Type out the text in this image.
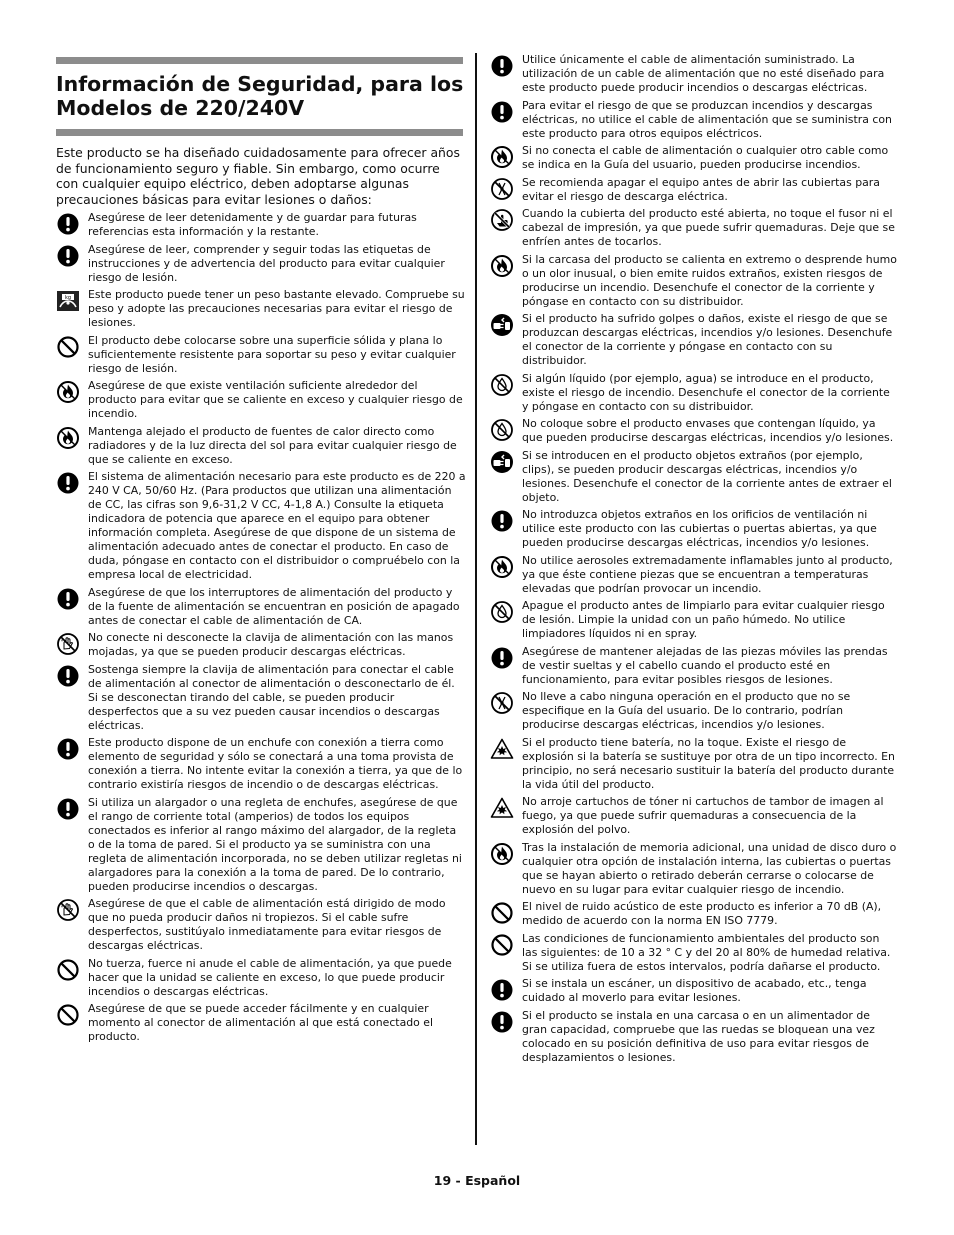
Información de Seguridad, para los Modelos de 220/240V

Este producto se ha diseñado cuidadosamente para ofrecer años de funcionamiento seguro y fiable. Sin embargo, como ocurre con cualquier equipo eléctrico, deben adoptarse algunas precauciones básicas para evitar lesiones o daños:

Asegúrese de leer detenidamente y de guardar para futuras referencias esta información y la restante.

Asegúrese de leer, comprender y seguir todas las etiquetas de instrucciones y de advertencia del producto para evitar cualquier riesgo de lesión.

kg Este producto puede tener un peso bastante elevado. Compruebe su peso y adopte las precauciones necesarias para evitar el riesgo de lesiones.

El producto debe colocarse sobre una superficie sólida y plana lo suficientemente resistente para soportar su peso y evitar cualquier riesgo de lesión.

Asegúrese de que existe ventilación suficiente alrededor del producto para evitar que se caliente en exceso y cualquier riesgo de incendio.

Mantenga alejado el producto de fuentes de calor directo como radiadores y de la luz directa del sol para evitar cualquier riesgo de que se caliente en exceso.

El sistema de alimentación necesario para este producto es de 220 a 240 V CA, 50/60 Hz. (Para productos que utilizan una alimentación de CC, las cifras son 9,6-31,2 V CC, 4-1,8 A.) Consulte la etiqueta indicadora de potencia que aparece en el equipo para obtener información completa. Asegúrese de que dispone de un sistema de alimentación adecuado antes de conectar el producto. En caso de duda, póngase en contacto con el distribuidor o compruébelo con la empresa local de electricidad.

Asegúrese de que los interruptores de alimentación del producto y de la fuente de alimentación se encuentran en posición de apagado antes de conectar el cable de alimentación de CA.

No conecte ni desconecte la clavija de alimentación con las manos mojadas, ya que se pueden producir descargas eléctricas.

Sostenga siempre la clavija de alimentación para conectar el cable de alimentación al conector de alimentación o desconectarlo de él. Si se desconectan tirando del cable, se pueden producir desperfectos que a su vez pueden causar incendios o descargas eléctricas.

Este producto dispone de un enchufe con conexión a tierra como elemento de seguridad y sólo se conectará a una toma provista de conexión a tierra. No intente evitar la conexión a tierra, ya que de lo contrario existiría riesgos de incendio o de descargas eléctricas.

Si utiliza un alargador o una regleta de enchufes, asegúrese de que el rango de corriente total (amperios) de todos los equipos conectados es inferior al rango máximo del alargador, de la regleta o de la toma de pared. Si el producto ya se suministra con una regleta de alimentación incorporada, no se deben utilizar regletas ni alargadores para la conexión a la toma de pared. De lo contrario, pueden producirse incendios o descargas.

Asegúrese de que el cable de alimentación está dirigido de modo que no pueda producir daños ni tropiezos. Si el cable sufre desperfectos, sustitúyalo inmediatamente para evitar riesgos de descargas eléctricas.

No tuerza, fuerce ni anude el cable de alimentación, ya que puede hacer que la unidad se caliente en exceso, lo que puede producir incendios o descargas eléctricas.

Asegúrese de que se puede acceder fácilmente y en cualquier momento al conector de alimentación al que está conectado el producto.

Utilice únicamente el cable de alimentación suministrado. La utilización de un cable de alimentación que no esté diseñado para este producto puede producir incendios o descargas eléctricas.

Para evitar el riesgo de que se produzcan incendios y descargas eléctricas, no utilice el cable de alimentación que se suministra con este producto para otros equipos eléctricos.

Si no conecta el cable de alimentación o cualquier otro cable como se indica en la Guía del usuario, pueden producirse incendios.

Se recomienda apagar el equipo antes de abrir las cubiertas para evitar el riesgo de descarga eléctrica.

Cuando la cubierta del producto esté abierta, no toque el fusor ni el cabezal de impresión, ya que puede sufrir quemaduras. Deje que se enfríen antes de tocarlos.

Si la carcasa del producto se calienta en extremo o desprende humo o un olor inusual, o bien emite ruidos extraños, existen riesgos de producirse un incendio. Desenchufe el conector de la corriente y póngase en contacto con su distribuidor.

Si el producto ha sufrido golpes o daños, existe el riesgo de que se produzcan descargas eléctricas, incendios y/o lesiones. Desenchufe el conector de la corriente y póngase en contacto con su distribuidor.

Si algún líquido (por ejemplo, agua) se introduce en el producto, existe el riesgo de incendio. Desenchufe el conector de la corriente y póngase en contacto con su distribuidor.

No coloque sobre el producto envases que contengan líquido, ya que pueden producirse descargas eléctricas, incendios y/o lesiones.

Si se introducen en el producto objetos extraños (por ejemplo, clips), se pueden producir descargas eléctricas, incendios y/o lesiones. Desenchufe el conector de la corriente antes de extraer el objeto.

No introduzca objetos extraños en los orificios de ventilación ni utilice este producto con las cubiertas o puertas abiertas, ya que pueden producirse descargas eléctricas, incendios y/o lesiones.

No utilice aerosoles extremadamente inflamables junto al producto, ya que éste contiene piezas que se encuentran a temperaturas elevadas que podrían provocar un incendio.

Apague el producto antes de limpiarlo para evitar cualquier riesgo de lesión. Limpie la unidad con un paño húmedo. No utilice limpiadores líquidos ni en spray.

Asegúrese de mantener alejadas de las piezas móviles las prendas de vestir sueltas y el cabello cuando el producto esté en funcionamiento, para evitar posibles riesgos de lesiones.

No lleve a cabo ninguna operación en el producto que no se especifique en la Guía del usuario. De lo contrario, podrían producirse descargas eléctricas, incendios y/o lesiones.

Si el producto tiene batería, no la toque. Existe el riesgo de explosión si la batería se sustituye por otra de un tipo incorrecto. En principio, no será necesario sustituir la batería del producto durante la vida útil del producto.

No arroje cartuchos de tóner ni cartuchos de tambor de imagen al fuego, ya que puede sufrir quemaduras a consecuencia de la explosión del polvo.

Tras la instalación de memoria adicional, una unidad de disco duro o cualquier otra opción de instalación interna, las cubiertas o puertas que se hayan abierto o retirado deberán cerrarse o colocarse de nuevo en su lugar para evitar cualquier riesgo de incendio.

El nivel de ruido acústico de este producto es inferior a 70 dB (A), medido de acuerdo con la norma EN ISO 7779.

Las condiciones de funcionamiento ambientales del producto son las siguientes: de 10 a 32 ° C y del 20 al 80% de humedad relativa. Si se utiliza fuera de estos intervalos, podría dañarse el producto.

Si se instala un escáner, un dispositivo de acabado, etc., tenga cuidado al moverlo para evitar lesiones.

Si el producto se instala en una carcasa o en un alimentador de gran capacidad, compruebe que las ruedas se bloquean una vez colocado en su posición definitiva de uso para evitar riesgos de desplazamientos o lesiones.

19 - Español
